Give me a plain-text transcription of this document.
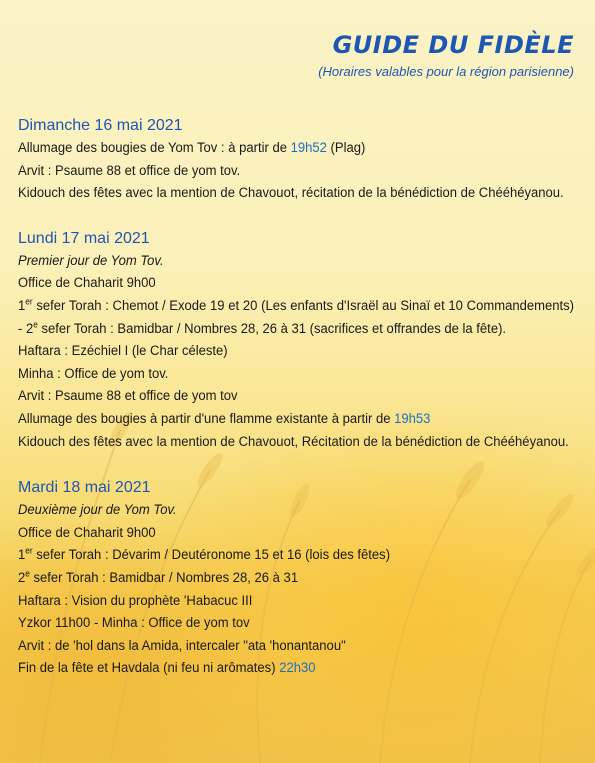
GUIDE DU FIDÈLE

(Horaires valables pour la région parisienne)

Dimanche 16 mai 2021

Allumage des bougies de Yom Tov : à partir de 19h52 (Plag)

Arvit : Psaume 88 et office de yom tov.

Kidouch des fêtes avec la mention de Chavouot, récitation de la bénédiction de Chééhéyanou.

Lundi 17 mai 2021

Premier jour de Yom Tov.

Office de Chaharit 9h00

1er sefer Torah : Chemot / Exode 19 et 20 (Les enfants d'Israël au Sinaï et 10 Commandements) - 2e sefer Torah : Bamidbar / Nombres 28, 26 à 31 (sacrifices et offrandes de la fête).

Haftara : Ezéchiel I (le Char céleste)

Minha : Office de yom tov.

Arvit : Psaume 88 et office de yom tov

Allumage des bougies à partir d'une flamme existante à partir de 19h53

Kidouch des fêtes avec la mention de Chavouot, Récitation de la bénédiction de Chééhéyanou.

Mardi 18 mai 2021

Deuxième jour de Yom Tov.

Office de Chaharit 9h00

1er sefer Torah : Dévarim / Deutéronome 15 et 16 (lois des fêtes)

2e sefer Torah : Bamidbar / Nombres 28, 26 à 31

Haftara : Vision du prophète 'Habacuc III

Yzkor 11h00 - Minha : Office de yom tov

Arvit : de 'hol dans la Amida, intercaler "ata 'honantanou"

Fin de la fête et Havdala (ni feu ni arômates) 22h30
